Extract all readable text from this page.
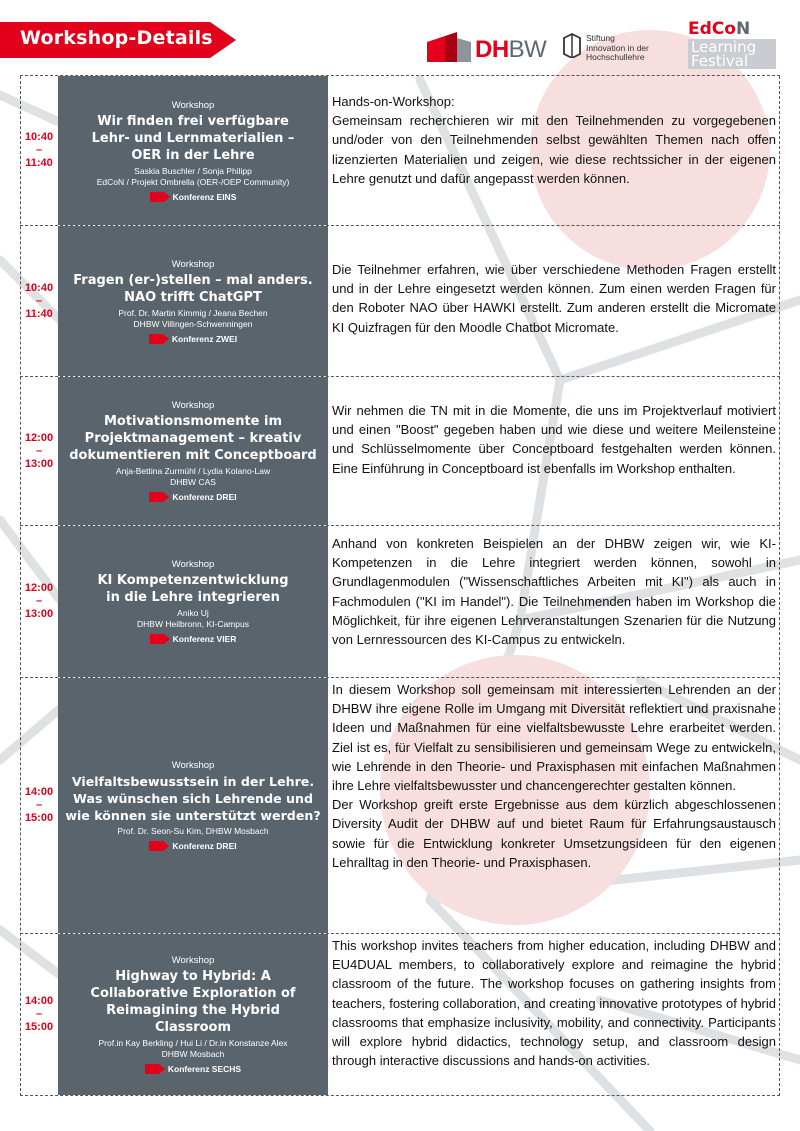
Workshop-Details	DHBW	Stiftung
Innovation in der
Hochschullehre
EdCoN
Learning
Festival
10:40
–
11:40
Workshop
Wir finden frei verfügbare Lehr- und Lernmaterialien – OER in der Lehre
Saskia Buschler / Sonja Philipp
EdCoN / Projekt Ombrella (OER-/OEP Community)
Konferenz EINS

Hands-on-Workshop:

Gemeinsam recherchieren wir mit den Teilnehmenden zu vorgegebenen und/oder von den Teilnehmenden selbst gewählten Themen nach offen lizenzierten Materialien und zeigen, wie diese rechtssicher in der eigenen Lehre genutzt und dafür angepasst werden können.

10:40
–
11:40
Workshop
Fragen (er-)stellen – mal anders. NAO trifft ChatGPT
Prof. Dr. Martin Kimmig / Jeana Bechen
DHBW Villingen-Schwenningen
Konferenz ZWEI

Die Teilnehmer erfahren, wie über verschiedene Methoden Fragen erstellt und in der Lehre eingesetzt werden können. Zum einen werden Fragen für den Roboter NAO über HAWKI erstellt. Zum anderen erstellt die Micromate KI Quizfragen für den Moodle Chatbot Micromate.

12:00
–
13:00
Workshop
Motivationsmomente im Projektmanagement – kreativ dokumentieren mit Conceptboard
Anja-Bettina Zurmühl / Lydia Kolano-Law
DHBW CAS
Konferenz DREI

Wir nehmen die TN mit in die Momente, die uns im Projektverlauf motiviert und einen "Boost" gegeben haben und wie diese und weitere Meilensteine und Schlüsselmomente über Conceptboard festgehalten werden können. Eine Einführung in Conceptboard ist ebenfalls im Workshop enthalten.

12:00
–
13:00
Workshop
KI Kompetenzentwicklung in die Lehre integrieren
Aniko Uj
DHBW Heilbronn, KI-Campus
Konferenz VIER

Anhand von konkreten Beispielen an der DHBW zeigen wir, wie KI-Kompetenzen in die Lehre integriert werden können, sowohl in Grundlagenmodulen ("Wissenschaftliches Arbeiten mit KI") als auch in Fachmodulen ("KI im Handel"). Die Teilnehmenden haben im Workshop die Möglichkeit, für ihre eigenen Lehrveranstaltungen Szenarien für die Nutzung von Lernressourcen des KI-Campus zu entwickeln.

14:00
–
15:00
Workshop
Vielfaltsbewusstsein in der Lehre. Was wünschen sich Lehrende und wie können sie unterstützt werden?
Prof. Dr. Seon-Su Kim, DHBW Mosbach
Konferenz DREI

In diesem Workshop soll gemeinsam mit interessierten Lehrenden an der DHBW ihre eigene Rolle im Umgang mit Diversität reflektiert und praxisnahe Ideen und Maßnahmen für eine vielfaltsbewusste Lehre erarbeitet werden. Ziel ist es, für Vielfalt zu sensibilisieren und gemeinsam Wege zu entwickeln, wie Lehrende in den Theorie- und Praxisphasen mit einfachen Maßnahmen ihre Lehre vielfaltsbewusster und chancengerechter gestalten können.

Der Workshop greift erste Ergebnisse aus dem kürzlich abgeschlossenen Diversity Audit der DHBW auf und bietet Raum für Erfahrungsaustausch sowie für die Entwicklung konkreter Umsetzungsideen für den eigenen Lehralltag in den Theorie- und Praxisphasen.

14:00
–
15:00
Workshop
Highway to Hybrid: A Collaborative Exploration of Reimagining the Hybrid Classroom
Prof.in Kay Berkling / Hui Li / Dr.in Konstanze Alex
DHBW Mosbach
Konferenz SECHS

This workshop invites teachers from higher education, including DHBW and EU4DUAL members, to collaboratively explore and reimagine the hybrid classroom of the future. The workshop focuses on gathering insights from teachers, fostering collaboration, and creating innovative prototypes of hybrid classrooms that emphasize inclusivity, mobility, and connectivity. Participants will explore hybrid didactics, technology setup, and classroom design through interactive discussions and hands-on activities.
